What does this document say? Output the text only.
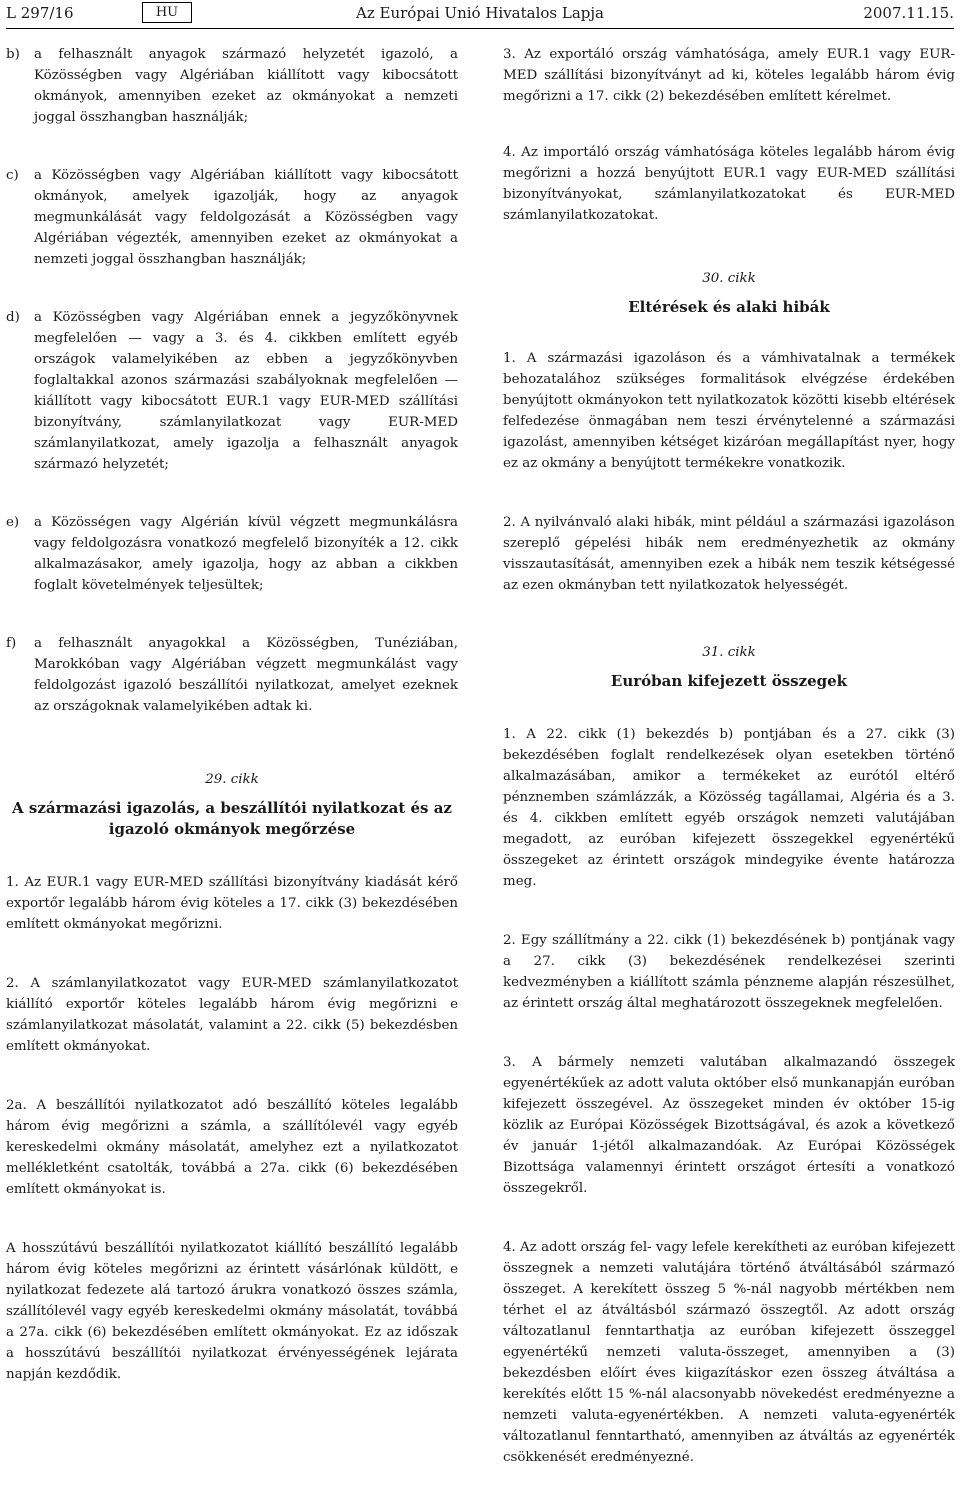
L 297/16	HU	Az Európai Unió Hivatalos Lapja	2007.11.15.
b) a felhasznált anyagok származó helyzetét igazoló, a Közösségben vagy Algériában kiállított vagy kibocsátott okmányok, amennyiben ezeket az okmányokat a nemzeti joggal összhangban használják;
c) a Közösségben vagy Algériában kiállított vagy kibocsátott okmányok, amelyek igazolják, hogy az anyagok megmunkálását vagy feldolgozását a Közösségben vagy Algériában végezték, amennyiben ezeket az okmányokat a nemzeti joggal összhangban használják;
d) a Közösségben vagy Algériában ennek a jegyzőkönyvnek megfelelően — vagy a 3. és 4. cikkben említett egyéb országok valamelyikében az ebben a jegyzőkönyvben foglaltakkal azonos származási szabályoknak megfelelően — kiállított vagy kibocsátott EUR.1 vagy EUR-MED szállítási bizonyítvány, számlanyilatkozat vagy EUR-MED számlanyilatkozat, amely igazolja a felhasznált anyagok származó helyzetét;
e) a Közösségen vagy Algérián kívül végzett megmunkálásra vagy feldolgozásra vonatkozó megfelelő bizonyíték a 12. cikk alkalmazásakor, amely igazolja, hogy az abban a cikkben foglalt követelmények teljesültek;
f) a felhasznált anyagokkal a Közösségben, Tunéziában, Marokkóban vagy Algériában végzett megmunkálást vagy feldolgozást igazoló beszállítói nyilatkozat, amelyet ezeknek az országoknak valamelyikében adtak ki.

29. cikk

A származási igazolás, a beszállítói nyilatkozat és az igazoló okmányok megőrzése

1. Az EUR.1 vagy EUR-MED szállítási bizonyítvány kiadását kérő exportőr legalább három évig köteles a 17. cikk (3) bekezdésében említett okmányokat megőrizni.

2. A számlanyilatkozatot vagy EUR-MED számlanyilatkozatot kiállító exportőr köteles legalább három évig megőrizni e számlanyilatkozat másolatát, valamint a 22. cikk (5) bekezdésben említett okmányokat.

2a. A beszállítói nyilatkozatot adó beszállító köteles legalább három évig megőrizni a számla, a szállítólevél vagy egyéb kereskedelmi okmány másolatát, amelyhez ezt a nyilatkozatot mellékletként csatolták, továbbá a 27a. cikk (6) bekezdésében említett okmányokat is.

A hosszútávú beszállítói nyilatkozatot kiállító beszállító legalább három évig köteles megőrizni az érintett vásárlónak küldött, e nyilatkozat fedezete alá tartozó árukra vonatkozó összes számla, szállítólevél vagy egyéb kereskedelmi okmány másolatát, továbbá a 27a. cikk (6) bekezdésében említett okmányokat. Ez az időszak a hosszútávú beszállítói nyilatkozat érvényességének lejárata napján kezdődik.

3. Az exportáló ország vámhatósága, amely EUR.1 vagy EUR-MED szállítási bizonyítványt ad ki, köteles legalább három évig megőrizni a 17. cikk (2) bekezdésében említett kérelmet.

4. Az importáló ország vámhatósága köteles legalább három évig megőrizni a hozzá benyújtott EUR.1 vagy EUR-MED szállítási bizonyítványokat, számlanyilatkozatokat és EUR-MED számlanyilatkozatokat.

30. cikk

Eltérések és alaki hibák

1. A származási igazoláson és a vámhivatalnak a termékek behozatalához szükséges formalitások elvégzése érdekében benyújtott okmányokon tett nyilatkozatok közötti kisebb eltérések felfedezése önmagában nem teszi érvénytelenné a származási igazolást, amennyiben kétséget kizáróan megállapítást nyer, hogy ez az okmány a benyújtott termékekre vonatkozik.

2. A nyilvánvaló alaki hibák, mint például a származási igazoláson szereplő gépelési hibák nem eredményezhetik az okmány visszautasítását, amennyiben ezek a hibák nem teszik kétségessé az ezen okmányban tett nyilatkozatok helyességét.

31. cikk

Euróban kifejezett összegek

1. A 22. cikk (1) bekezdés b) pontjában és a 27. cikk (3) bekezdésében foglalt rendelkezések olyan esetekben történő alkalmazásában, amikor a termékeket az eurótól eltérő pénznemben számlázzák, a Közösség tagállamai, Algéria és a 3. és 4. cikkben említett egyéb országok nemzeti valutájában megadott, az euróban kifejezett összegekkel egyenértékű összegeket az érintett országok mindegyike évente határozza meg.

2. Egy szállítmány a 22. cikk (1) bekezdésének b) pontjának vagy a 27. cikk (3) bekezdésének rendelkezései szerinti kedvezményben a kiállított számla pénzneme alapján részesülhet, az érintett ország által meghatározott összegeknek megfelelően.

3. A bármely nemzeti valutában alkalmazandó összegek egyenértékűek az adott valuta október első munkanapján euróban kifejezett összegével. Az összegeket minden év október 15-ig közlik az Európai Közösségek Bizottságával, és azok a következő év január 1-jétől alkalmazandóak. Az Európai Közösségek Bizottsága valamennyi érintett országot értesíti a vonatkozó összegekről.

4. Az adott ország fel- vagy lefele kerekítheti az euróban kifejezett összegnek a nemzeti valutájára történő átváltásából származó összeget. A kerekített összeg 5 %-nál nagyobb mértékben nem térhet el az átváltásból származó összegtől. Az adott ország változatlanul fenntarthatja az euróban kifejezett összeggel egyenértékű nemzeti valuta-összeget, amennyiben a (3) bekezdésben előírt éves kiigazításkor ezen összeg átváltása a kerekítés előtt 15 %-nál alacsonyabb növekedést eredményezne a nemzeti valuta-egyenértékben. A nemzeti valuta-egyenérték változatlanul fenntartható, amennyiben az átváltás az egyenérték csökkenését eredményezné.
